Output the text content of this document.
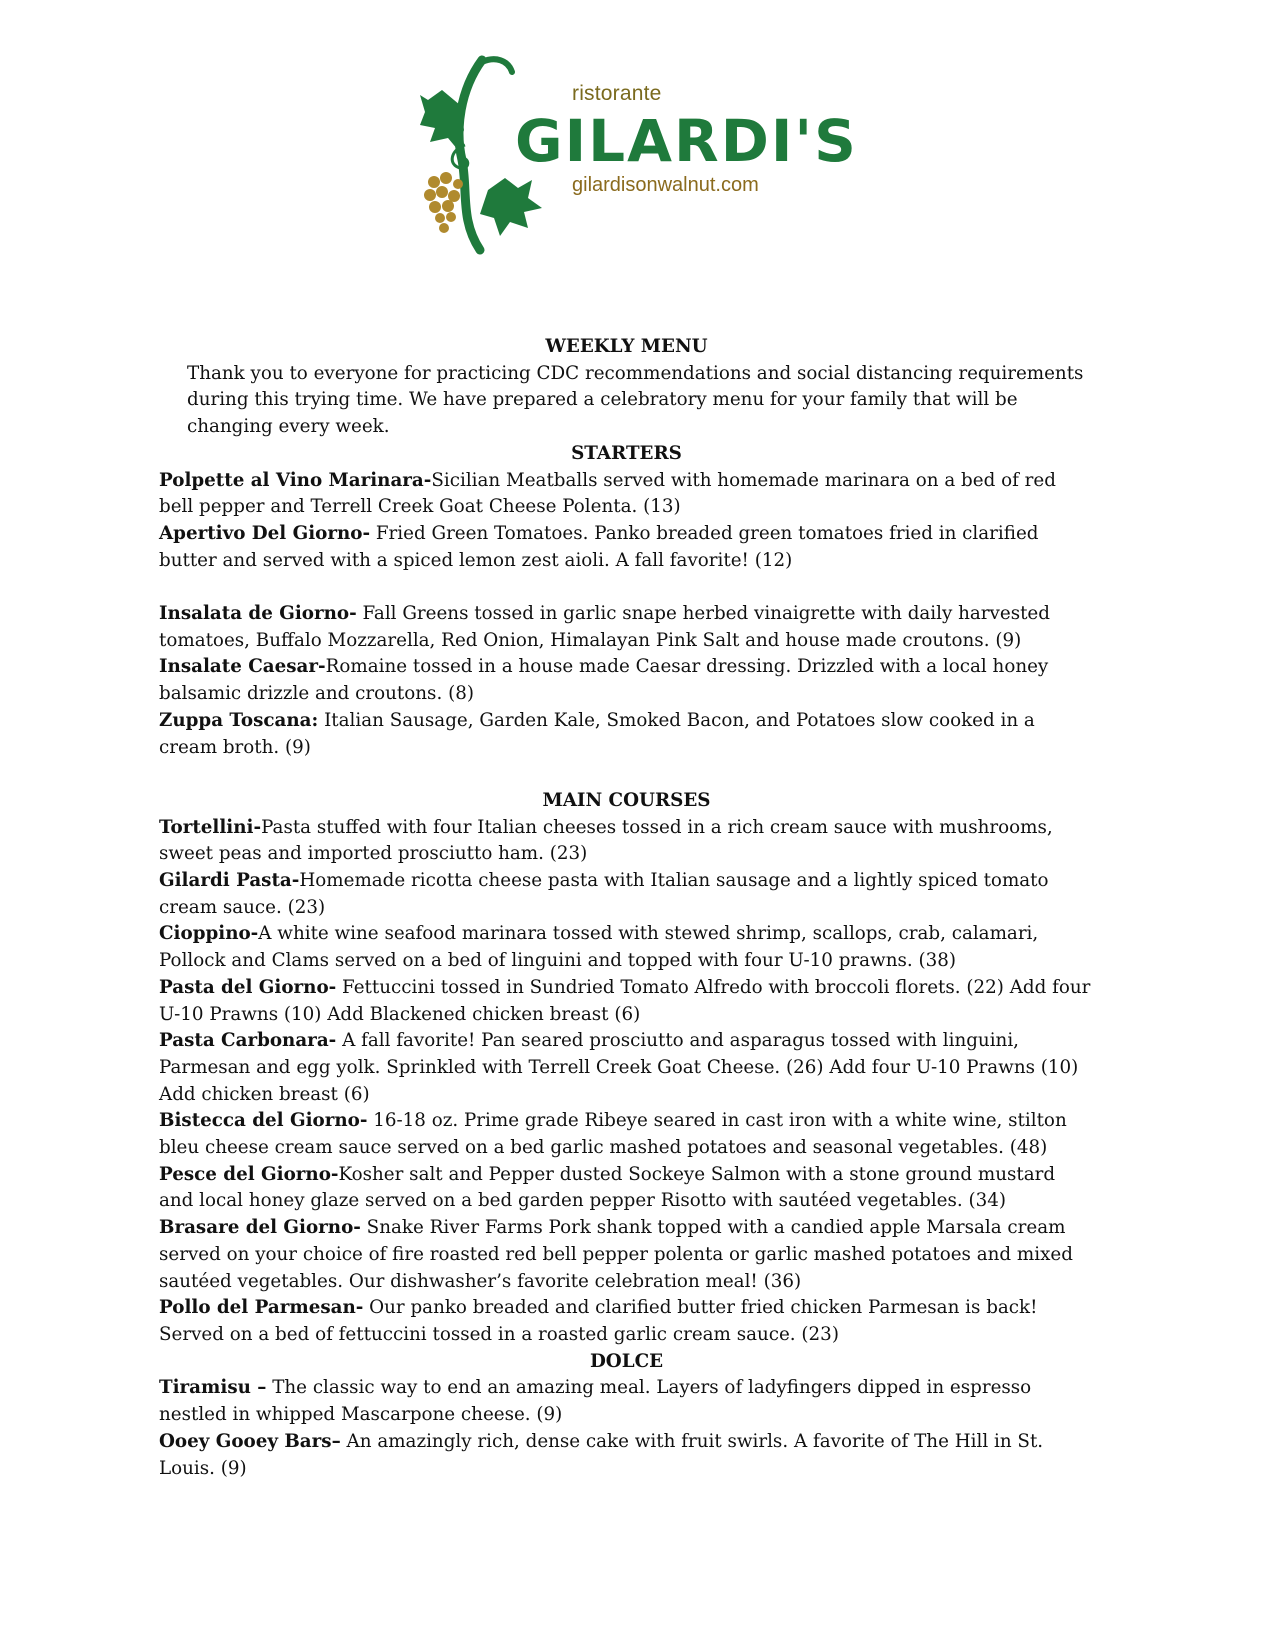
ristorante
GILARDI'S
gilardisonwalnut.com

WEEKLY MENU

Thank you to everyone for practicing CDC recommendations and social distancing requirements during this trying time. We have prepared a celebratory menu for your family that will be changing every week.

STARTERS

Polpette al Vino Marinara-Sicilian Meatballs served with homemade marinara on a bed of red bell pepper and Terrell Creek Goat Cheese Polenta. (13)

Apertivo Del Giorno- Fried Green Tomatoes. Panko breaded green tomatoes fried in clarified butter and served with a spiced lemon zest aioli. A fall favorite! (12)

Insalata de Giorno- Fall Greens tossed in garlic snape herbed vinaigrette with daily harvested tomatoes, Buffalo Mozzarella, Red Onion, Himalayan Pink Salt and house made croutons. (9)

Insalate Caesar-Romaine tossed in a house made Caesar dressing. Drizzled with a local honey balsamic drizzle and croutons. (8)

Zuppa Toscana: Italian Sausage, Garden Kale, Smoked Bacon, and Potatoes slow cooked in a cream broth. (9)

MAIN COURSES

Tortellini-Pasta stuffed with four Italian cheeses tossed in a rich cream sauce with mushrooms, sweet peas and imported prosciutto ham. (23)

Gilardi Pasta-Homemade ricotta cheese pasta with Italian sausage and a lightly spiced tomato cream sauce. (23)

Cioppino-A white wine seafood marinara tossed with stewed shrimp, scallops, crab, calamari, Pollock and Clams served on a bed of linguini and topped with four U-10 prawns. (38)

Pasta del Giorno- Fettuccini tossed in Sundried Tomato Alfredo with broccoli florets. (22) Add four U-10 Prawns (10) Add Blackened chicken breast (6)

Pasta Carbonara- A fall favorite! Pan seared prosciutto and asparagus tossed with linguini, Parmesan and egg yolk. Sprinkled with Terrell Creek Goat Cheese. (26) Add four U-10 Prawns (10) Add chicken breast (6)

Bistecca del Giorno- 16-18 oz. Prime grade Ribeye seared in cast iron with a white wine, stilton bleu cheese cream sauce served on a bed garlic mashed potatoes and seasonal vegetables. (48)

Pesce del Giorno-Kosher salt and Pepper dusted Sockeye Salmon with a stone ground mustard and local honey glaze served on a bed garden pepper Risotto with sautéed vegetables. (34)

Brasare del Giorno- Snake River Farms Pork shank topped with a candied apple Marsala cream served on your choice of fire roasted red bell pepper polenta or garlic mashed potatoes and mixed sautéed vegetables. Our dishwasher’s favorite celebration meal! (36)

Pollo del Parmesan- Our panko breaded and clarified butter fried chicken Parmesan is back! Served on a bed of fettuccini tossed in a roasted garlic cream sauce. (23)

DOLCE

Tiramisu – The classic way to end an amazing meal. Layers of ladyfingers dipped in espresso nestled in whipped Mascarpone cheese. (9)

Ooey Gooey Bars– An amazingly rich, dense cake with fruit swirls. A favorite of The Hill in St. Louis. (9)
